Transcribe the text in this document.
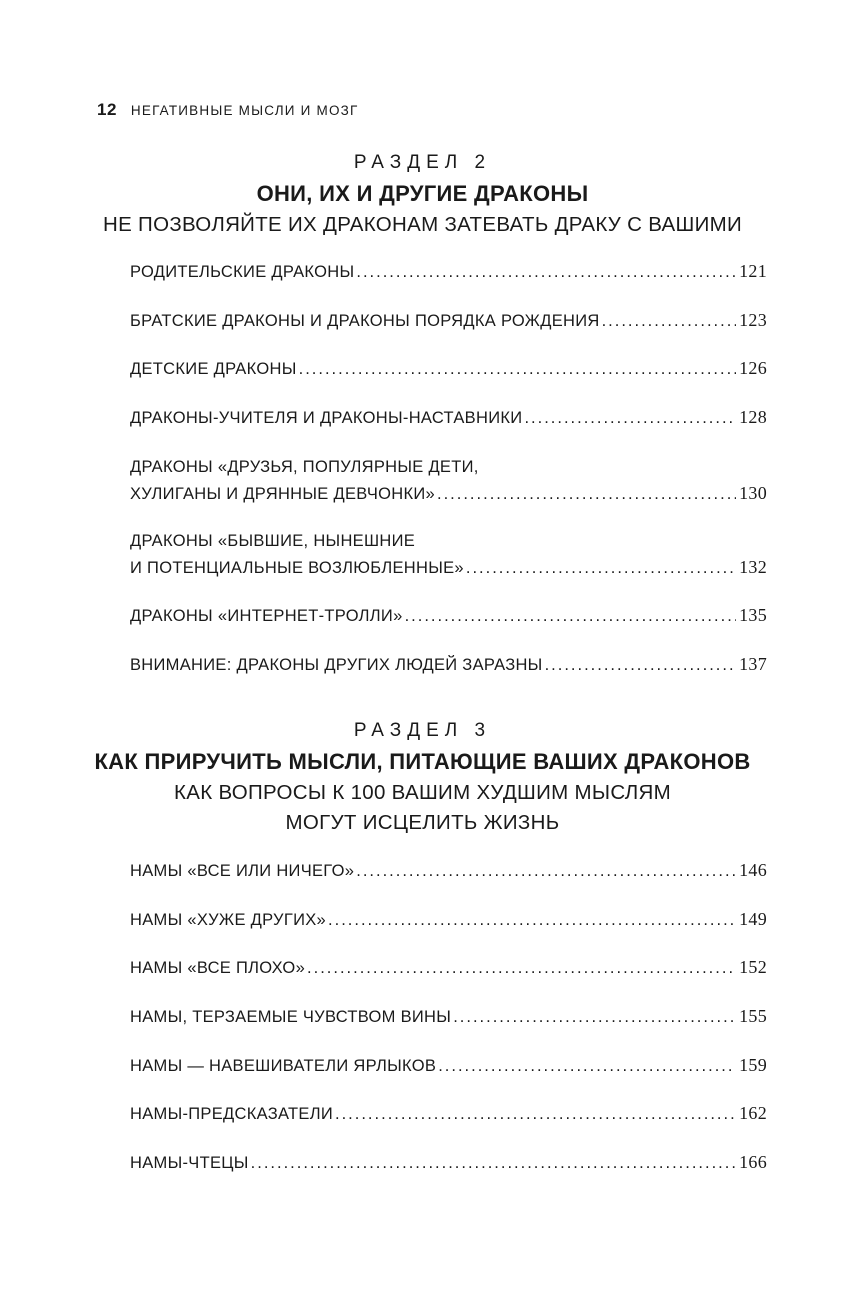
12 НЕГАТИВНЫЕ МЫСЛИ И МОЗГ
РАЗДЕЛ 2
ОНИ, ИХ И ДРУГИЕ ДРАКОНЫ
НЕ ПОЗВОЛЯЙТЕ ИХ ДРАКОНАМ ЗАТЕВАТЬ ДРАКУ С ВАШИМИ
РОДИТЕЛЬСКИЕ ДРАКОНЫ .....	121
БРАТСКИЕ ДРАКОНЫ И ДРАКОНЫ ПОРЯДКА РОЖДЕНИЯ .....	123
ДЕТСКИЕ ДРАКОНЫ .....	126
ДРАКОНЫ-УЧИТЕЛЯ И ДРАКОНЫ-НАСТАВНИКИ .....	128
ДРАКОНЫ «ДРУЗЬЯ, ПОПУЛЯРНЫЕ ДЕТИ,
ХУЛИГАНЫ И ДРЯННЫЕ ДЕВЧОНКИ» .....	130
ДРАКОНЫ «БЫВШИЕ, НЫНЕШНИЕ
И ПОТЕНЦИАЛЬНЫЕ ВОЗЛЮБЛЕННЫЕ» .....	132
ДРАКОНЫ «ИНТЕРНЕТ-ТРОЛЛИ» .....	135
ВНИМАНИЕ: ДРАКОНЫ ДРУГИХ ЛЮДЕЙ ЗАРАЗНЫ .....	137
РАЗДЕЛ 3
КАК ПРИРУЧИТЬ МЫСЛИ, ПИТАЮЩИЕ ВАШИХ ДРАКОНОВ
КАК ВОПРОСЫ К 100 ВАШИМ ХУДШИМ МЫСЛЯМ
МОГУТ ИСЦЕЛИТЬ ЖИЗНЬ
НАМЫ «ВСЕ ИЛИ НИЧЕГО» .....	146
НАМЫ «ХУЖЕ ДРУГИХ» .....	149
НАМЫ «ВСЕ ПЛОХО» .....	152
НАМЫ, ТЕРЗАЕМЫЕ ЧУВСТВОМ ВИНЫ .....	155
НАМЫ — НАВЕШИВАТЕЛИ ЯРЛЫКОВ .....	159
НАМЫ-ПРЕДСКАЗАТЕЛИ .....	162
НАМЫ-ЧТЕЦЫ .....	166
